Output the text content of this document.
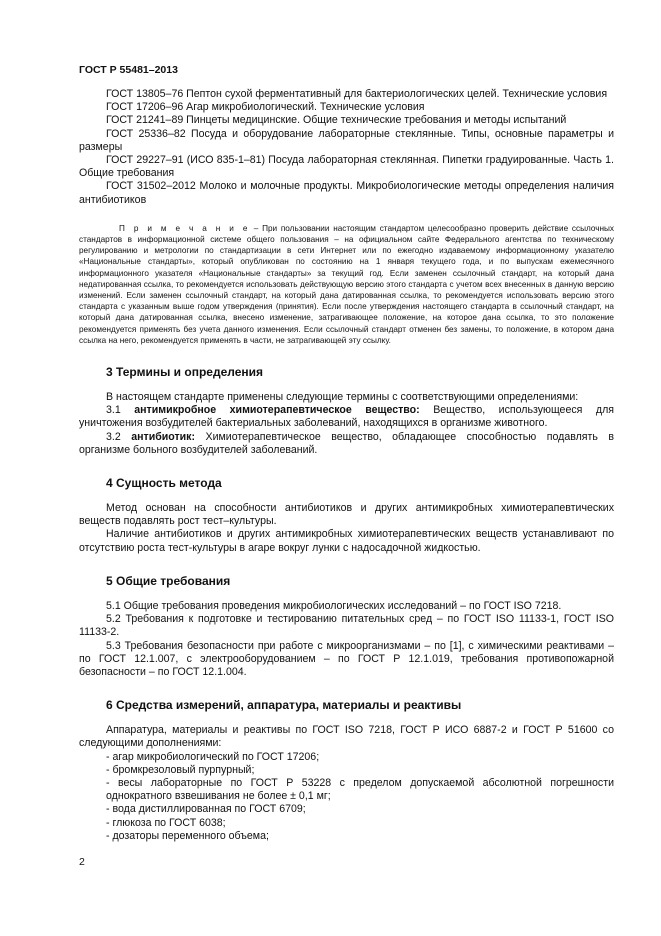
ГОСТ Р 55481–2013

ГОСТ 13805–76 Пептон сухой ферментативный для бактериологических целей. Технические условия

ГОСТ 17206–96 Агар микробиологический. Технические условия

ГОСТ 21241–89 Пинцеты медицинские. Общие технические требования и методы испытаний

ГОСТ 25336–82 Посуда и оборудование лабораторные стеклянные. Типы, основные параметры и размеры

ГОСТ 29227–91 (ИСО 835-1–81) Посуда лабораторная стеклянная. Пипетки градуированные. Часть 1. Общие требования

ГОСТ 31502–2012 Молоко и молочные продукты. Микробиологические методы определения наличия антибиотиков

П р и м е ч а н и е – При пользовании настоящим стандартом целесообразно проверить действие ссылочных стандартов в информационной системе общего пользования – на официальном сайте Федерального агентства по техническому регулированию и метрологии по стандартизации в сети Интернет или по ежегодно издаваемому информационному указателю «Национальные стандарты», который опубликован по состоянию на 1 января текущего года, и по выпускам ежемесячного информационного указателя «Национальные стандарты» за текущий год. Если заменен ссылочный стандарт, на который дана недатированная ссылка, то рекомендуется использовать действующую версию этого стандарта с учетом всех внесенных в данную версию изменений. Если заменен ссылочный стандарт, на который дана датированная ссылка, то рекомендуется использовать версию этого стандарта с указанным выше годом утверждения (принятия). Если после утверждения настоящего стандарта в ссылочный стандарт, на который дана датированная ссылка, внесено изменение, затрагивающее положение, на которое дана ссылка, то это положение рекомендуется применять без учета данного изменения. Если ссылочный стандарт отменен без замены, то положение, в котором дана ссылка на него, рекомендуется применять в части, не затрагивающей эту ссылку.

3 Термины и определения

В настоящем стандарте применены следующие термины с соответствующими определениями:

3.1 антимикробное химиотерапевтическое вещество: Вещество, использующееся для уничтожения возбудителей бактериальных заболеваний, находящихся в организме животного.

3.2 антибиотик: Химиотерапевтическое вещество, обладающее способностью подавлять в организме больного возбудителей заболеваний.

4 Сущность метода

Метод основан на способности антибиотиков и других антимикробных химиотерапевтических веществ подавлять рост тест–культуры.

Наличие антибиотиков и других антимикробных химиотерапевтических веществ устанавливают по отсутствию роста тест-культуры в агаре вокруг лунки с надосадочной жидкостью.

5 Общие требования

5.1 Общие требования проведения микробиологических исследований – по ГОСТ ISO 7218.

5.2 Требования к подготовке и тестированию питательных сред – по ГОСТ ISO 11133-1, ГОСТ ISO 11133-2.

5.3 Требования безопасности при работе с микроорганизмами – по [1], с химическими реактивами – по ГОСТ 12.1.007, с электрооборудованием – по ГОСТ Р 12.1.019, требования противопожарной безопасности – по ГОСТ 12.1.004.

6 Средства измерений, аппаратура, материалы и реактивы

Аппаратура, материалы и реактивы по ГОСТ ISO 7218, ГОСТ Р ИСО 6887-2 и ГОСТ Р 51600 со следующими дополнениями:

- агар микробиологический по ГОСТ 17206;

- бромкрезоловый пурпурный;

- весы лабораторные по ГОСТ Р 53228 с пределом допускаемой абсолютной погрешности однократного взвешивания не более ± 0,1 мг;

- вода дистиллированная по ГОСТ 6709;

- глюкоза по ГОСТ 6038;

- дозаторы переменного объема;

2
